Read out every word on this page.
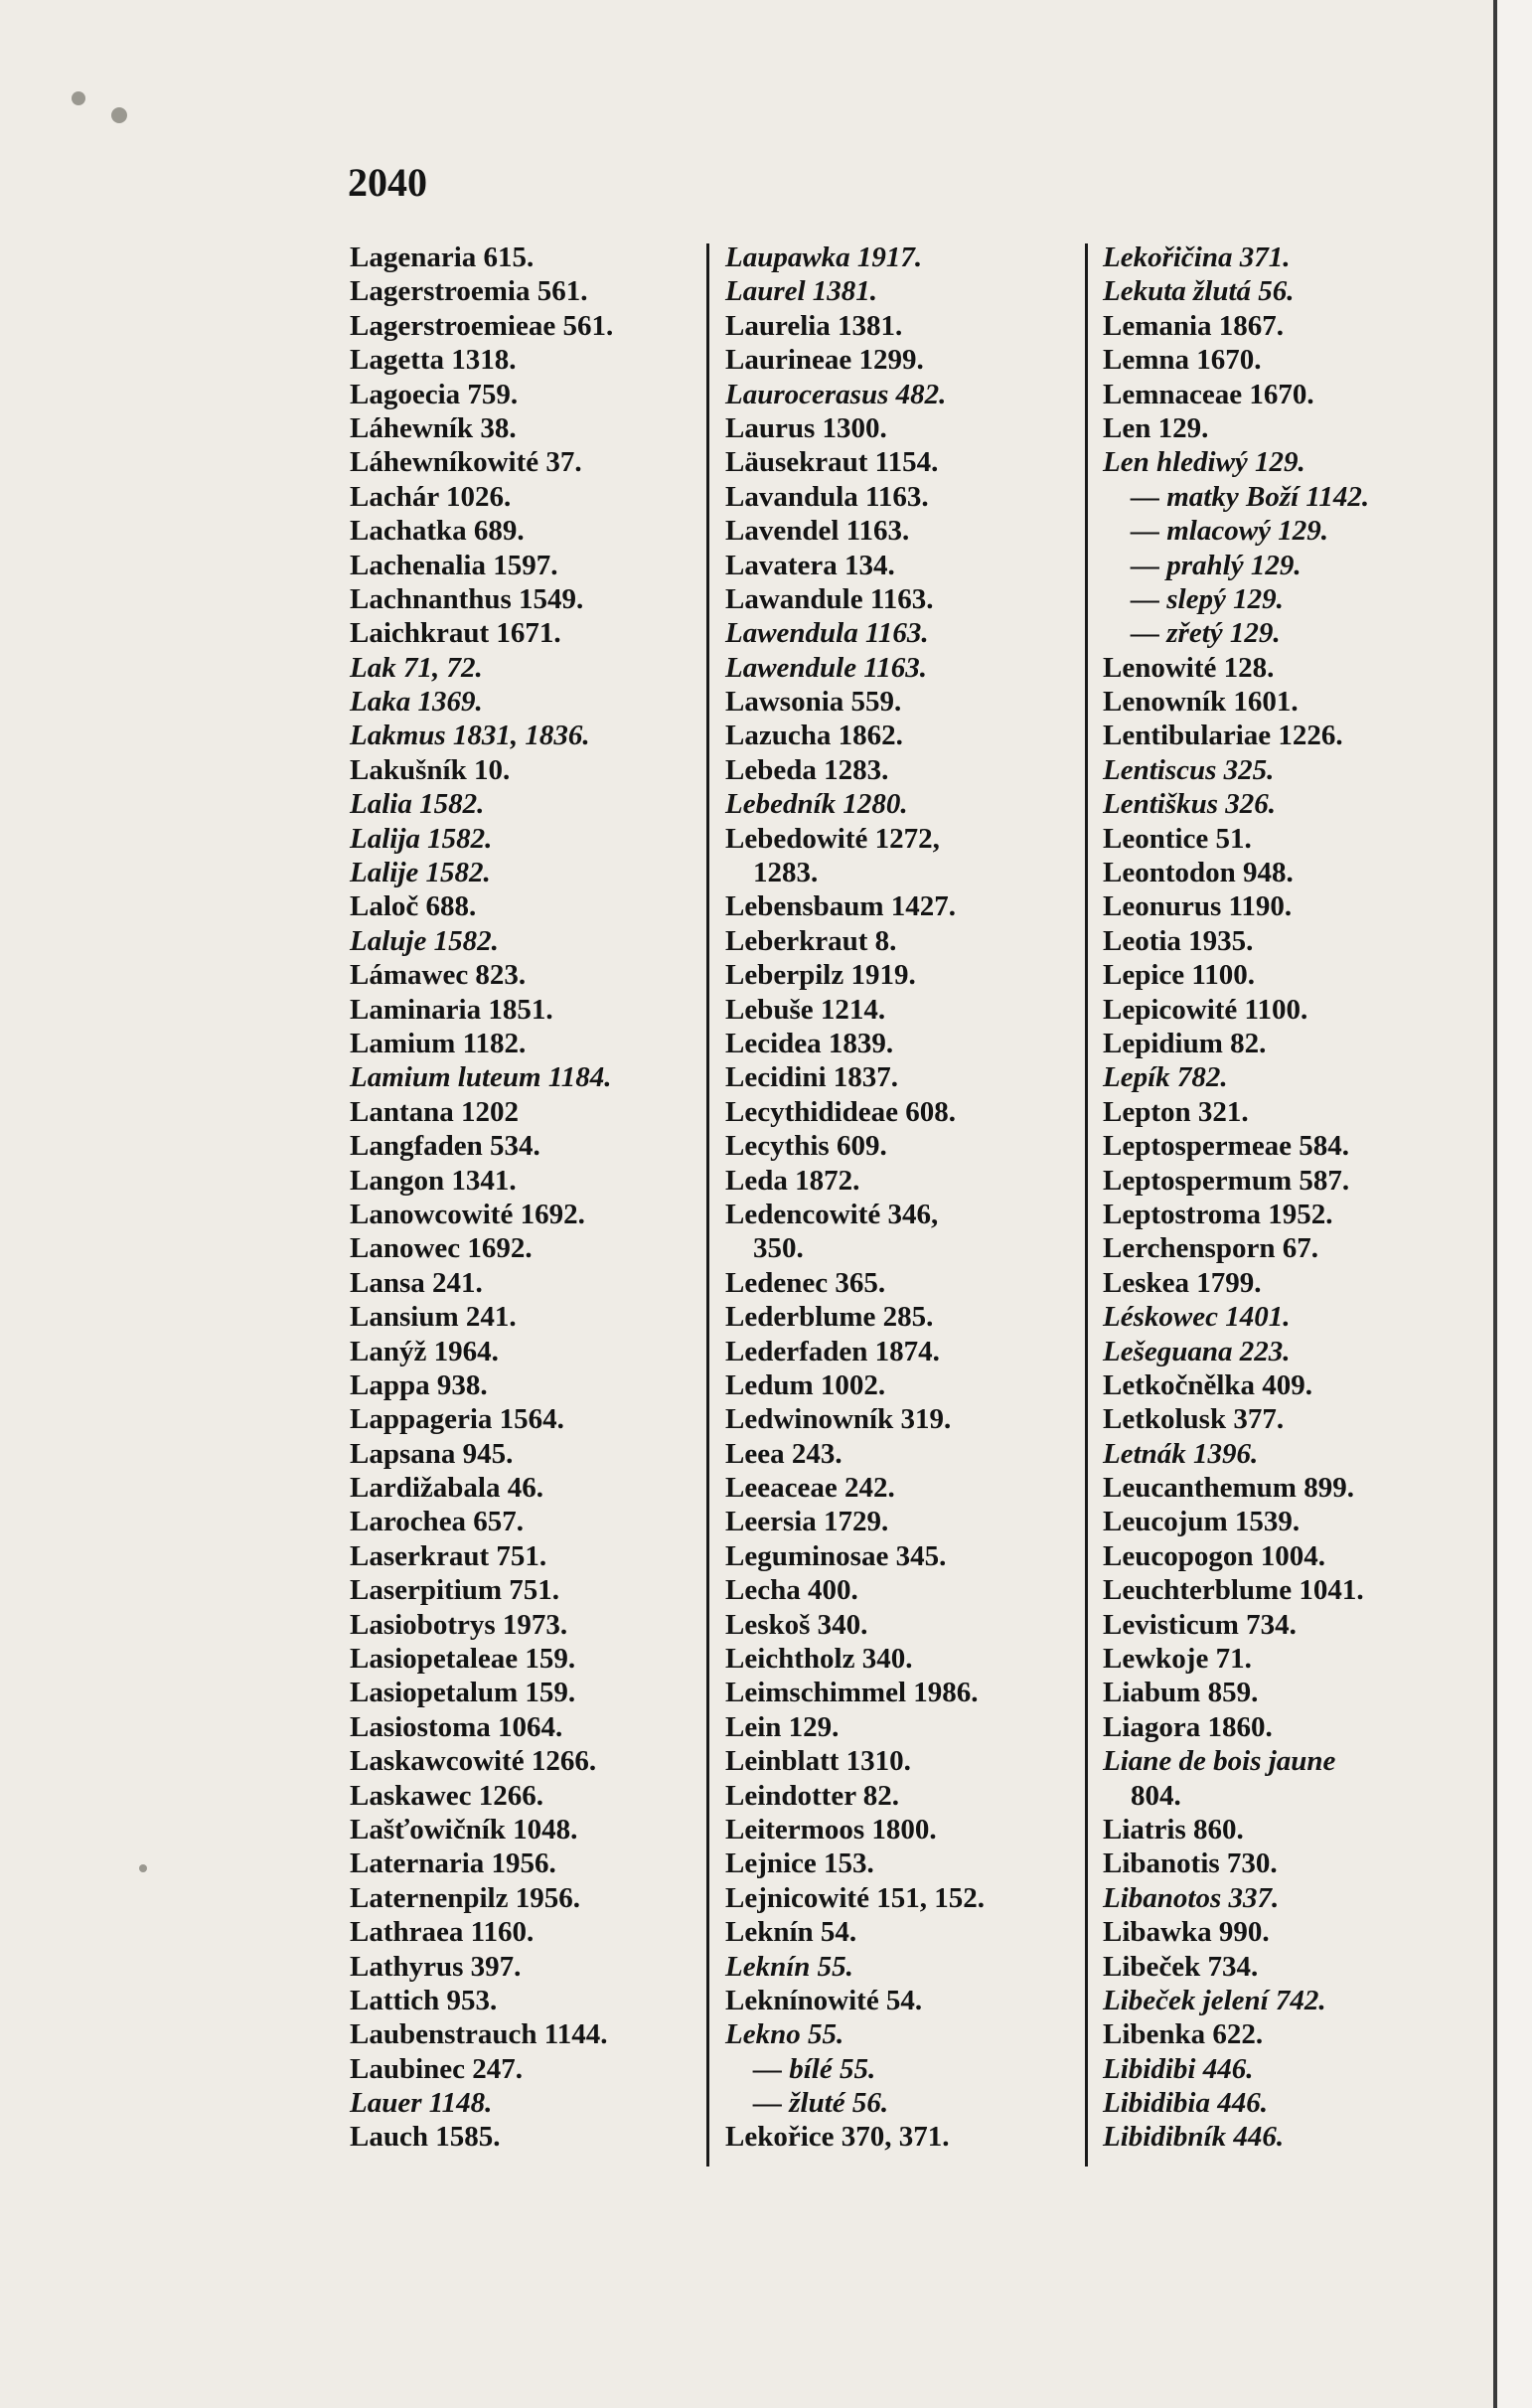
2040
Lagenaria 615.
Lagerstroemia 561.
Lagerstroemieae 561.
Lagetta 1318.
Lagoecia 759.
Láhewník 38.
Láhewníkowité 37.
Lachár 1026.
Lachatka 689.
Lachenalia 1597.
Lachnanthus 1549.
Laichkraut 1671.
Lak 71, 72.
Laka 1369.
Lakmus 1831, 1836.
Lakušník 10.
Lalia 1582.
Lalija 1582.
Lalije 1582.
Laloč 688.
Laluje 1582.
Lámawec 823.
Laminaria 1851.
Lamium 1182.
Lamium luteum 1184.
Lantana 1202
Langfaden 534.
Langon 1341.
Lanowcowité 1692.
Lanowec 1692.
Lansa 241.
Lansium 241.
Lanýž 1964.
Lappa 938.
Lappageria 1564.
Lapsana 945.
Lardižabala 46.
Larochea 657.
Laserkraut 751.
Laserpitium 751.
Lasiobotrys 1973.
Lasiopetaleae 159.
Lasiopetalum 159.
Lasiostoma 1064.
Laskawcowité 1266.
Laskawec 1266.
Lašťowičník 1048.
Laternaria 1956.
Laternenpilz 1956.
Lathraea 1160.
Lathyrus 397.
Lattich 953.
Laubenstrauch 1144.
Laubinec 247.
Lauer 1148.
Lauch 1585.
Laupawka 1917.
Laurel 1381.
Laurelia 1381.
Laurineae 1299.
Laurocerasus 482.
Laurus 1300.
Läusekraut 1154.
Lavandula 1163.
Lavendel 1163.
Lavatera 134.
Lawandule 1163.
Lawendula 1163.
Lawendule 1163.
Lawsonia 559.
Lazucha 1862.
Lebeda 1283.
Lebedník 1280.
Lebedowité 1272,
1283.
Lebensbaum 1427.
Leberkraut 8.
Leberpilz 1919.
Lebuše 1214.
Lecidea 1839.
Lecidini 1837.
Lecythidideae 608.
Lecythis 609.
Leda 1872.
Ledencowité 346,
350.
Ledenec 365.
Lederblume 285.
Lederfaden 1874.
Ledum 1002.
Ledwinowník 319.
Leea 243.
Leeaceae 242.
Leersia 1729.
Leguminosae 345.
Lecha 400.
Leskoš 340.
Leichtholz 340.
Leimschimmel 1986.
Lein 129.
Leinblatt 1310.
Leindotter 82.
Leitermoos 1800.
Lejnice 153.
Lejnicowité 151, 152.
Leknín 54.
Leknín 55.
Leknínowité 54.
Lekno 55.
— bílé 55.
— žluté 56.
Lekořice 370, 371.
Lekořičina 371.
Lekuta žlutá 56.
Lemania 1867.
Lemna 1670.
Lemnaceae 1670.
Len 129.
Len hlediwý 129.
— matky Boží 1142.
— mlacowý 129.
— prahlý 129.
— slepý 129.
— zřetý 129.
Lenowité 128.
Lenowník 1601.
Lentibulariae 1226.
Lentiscus 325.
Lentiškus 326.
Leontice 51.
Leontodon 948.
Leonurus 1190.
Leotia 1935.
Lepice 1100.
Lepicowité 1100.
Lepidium 82.
Lepík 782.
Lepton 321.
Leptospermeae 584.
Leptospermum 587.
Leptostroma 1952.
Lerchensporn 67.
Leskea 1799.
Léskowec 1401.
Lešeguana 223.
Letkočnělka 409.
Letkolusk 377.
Letnák 1396.
Leucanthemum 899.
Leucojum 1539.
Leucopogon 1004.
Leuchterblume 1041.
Levisticum 734.
Lewkoje 71.
Liabum 859.
Liagora 1860.
Liane de bois jaune
804.
Liatris 860.
Libanotis 730.
Libanotos 337.
Libawka 990.
Libeček 734.
Libeček jelení 742.
Libenka 622.
Libidibi 446.
Libidibia 446.
Libidibník 446.
